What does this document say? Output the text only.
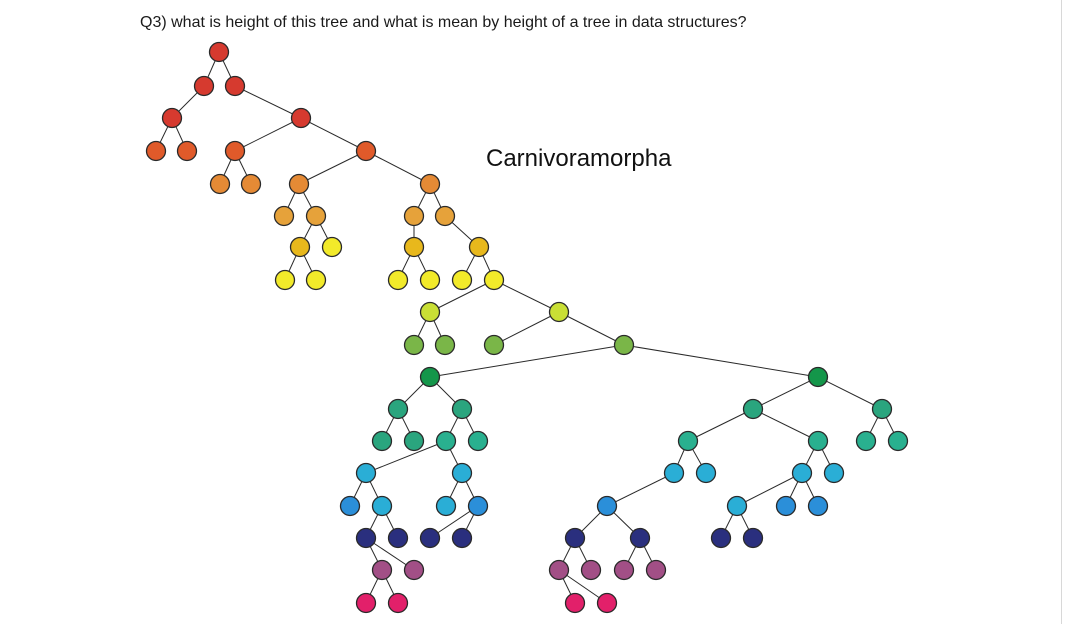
Q3) what is height of this tree and what is mean by height of a tree in data structures?
Carnivoramorpha
